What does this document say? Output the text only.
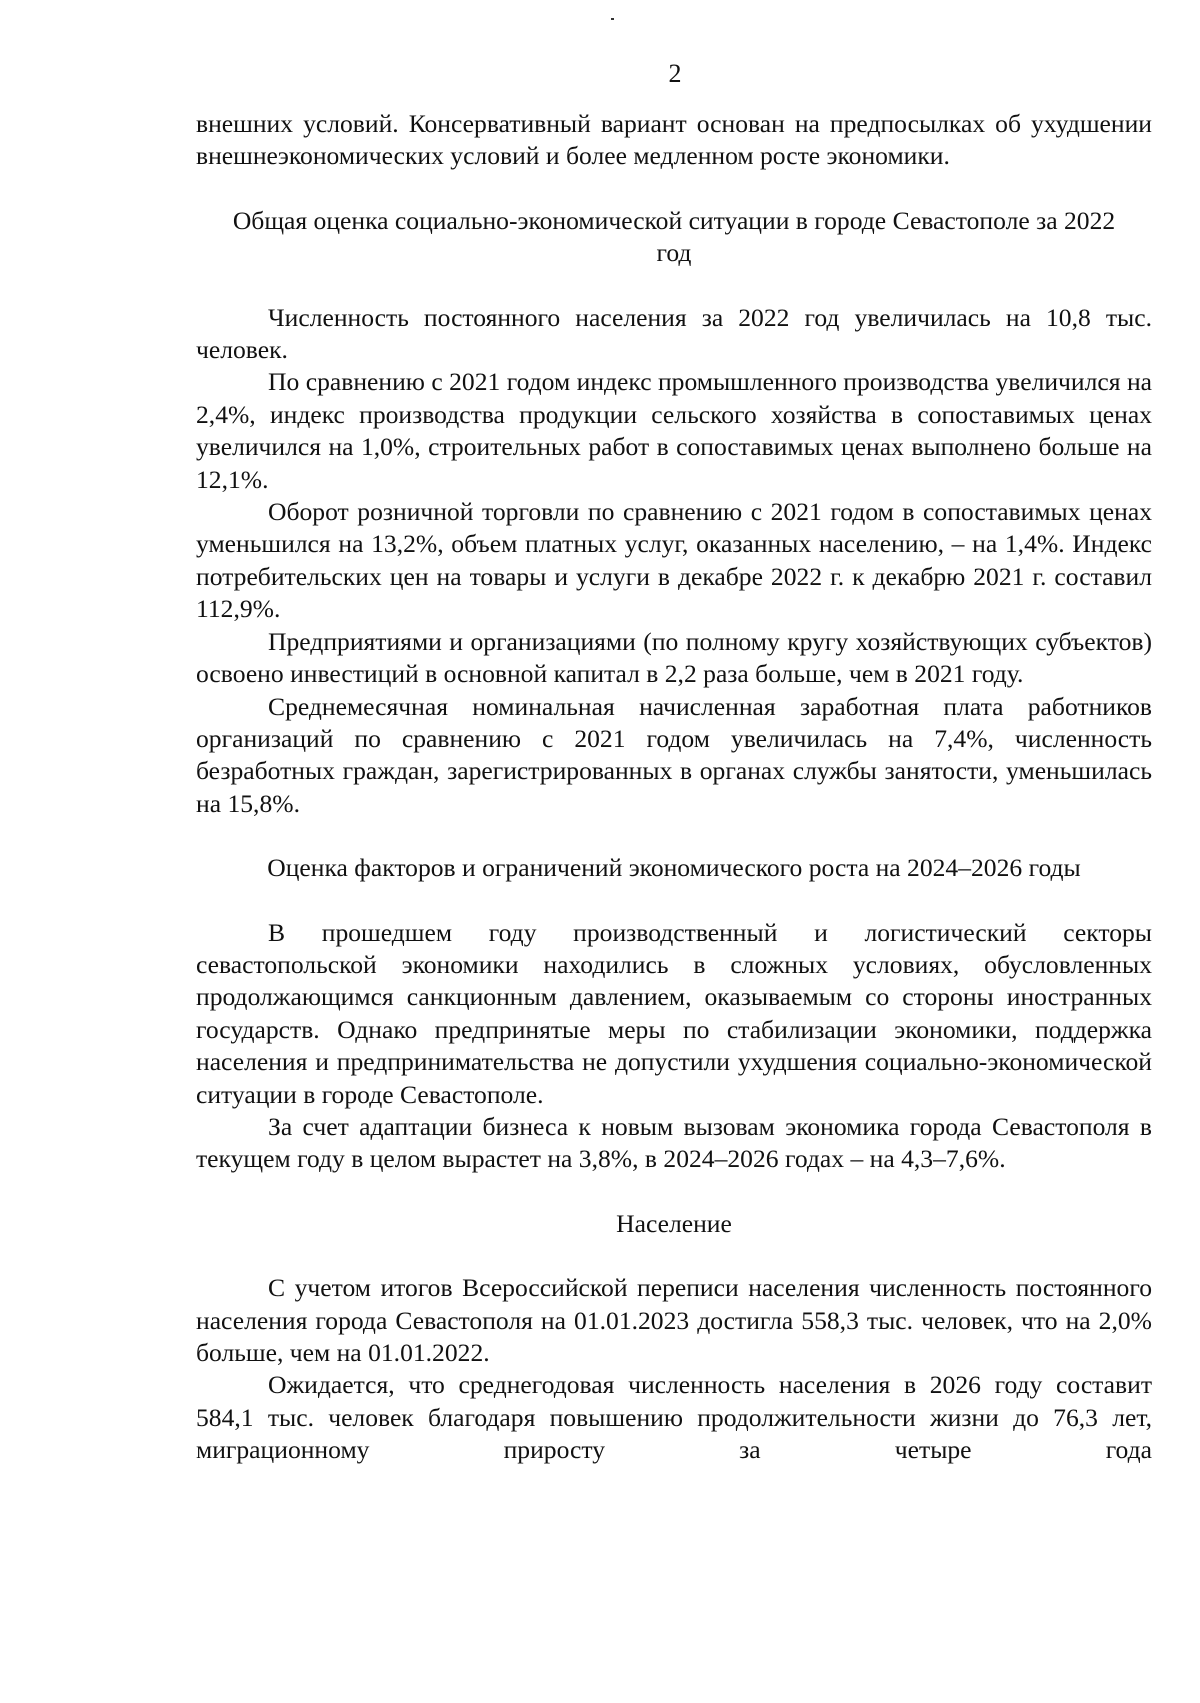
2

внешних условий. Консервативный вариант основан на предпосылках об ухудшении внешнеэкономических условий и более медленном росте экономики.

Общая оценка социально-экономической ситуации в городе Севастополе за 2022 год

Численность постоянного населения за 2022 год увеличилась на 10,8 тыс. человек.

По сравнению с 2021 годом индекс промышленного производства увеличился на 2,4%, индекс производства продукции сельского хозяйства в сопоставимых ценах увеличился на 1,0%, строительных работ в сопоставимых ценах выполнено больше на 12,1%.

Оборот розничной торговли по сравнению с 2021 годом в сопоставимых ценах уменьшился на 13,2%, объем платных услуг, оказанных населению, – на 1,4%. Индекс потребительских цен на товары и услуги в декабре 2022 г. к декабрю 2021 г. составил 112,9%.

Предприятиями и организациями (по полному кругу хозяйствующих субъектов) освоено инвестиций в основной капитал в 2,2 раза больше, чем в 2021 году.

Среднемесячная номинальная начисленная заработная плата работников организаций по сравнению с 2021 годом увеличилась на 7,4%, численность безработных граждан, зарегистрированных в органах службы занятости, уменьшилась на 15,8%.

Оценка факторов и ограничений экономического роста на 2024–2026 годы

В прошедшем году производственный и логистический секторы севастопольской экономики находились в сложных условиях, обусловленных продолжающимся санкционным давлением, оказываемым со стороны иностранных государств. Однако предпринятые меры по стабилизации экономики, поддержка населения и предпринимательства не допустили ухудшения социально-экономической ситуации в городе Севастополе.

За счет адаптации бизнеса к новым вызовам экономика города Севастополя в текущем году в целом вырастет на 3,8%, в 2024–2026 годах – на 4,3–7,6%.

Население

С учетом итогов Всероссийской переписи населения численность постоянного населения города Севастополя на 01.01.2023 достигла 558,3 тыс. человек, что на 2,0% больше, чем на 01.01.2022.

Ожидается, что среднегодовая численность населения в 2026 году составит 584,1 тыс. человек благодаря повышению продолжительности жизни до 76,3 лет, миграционному приросту за четыре года
